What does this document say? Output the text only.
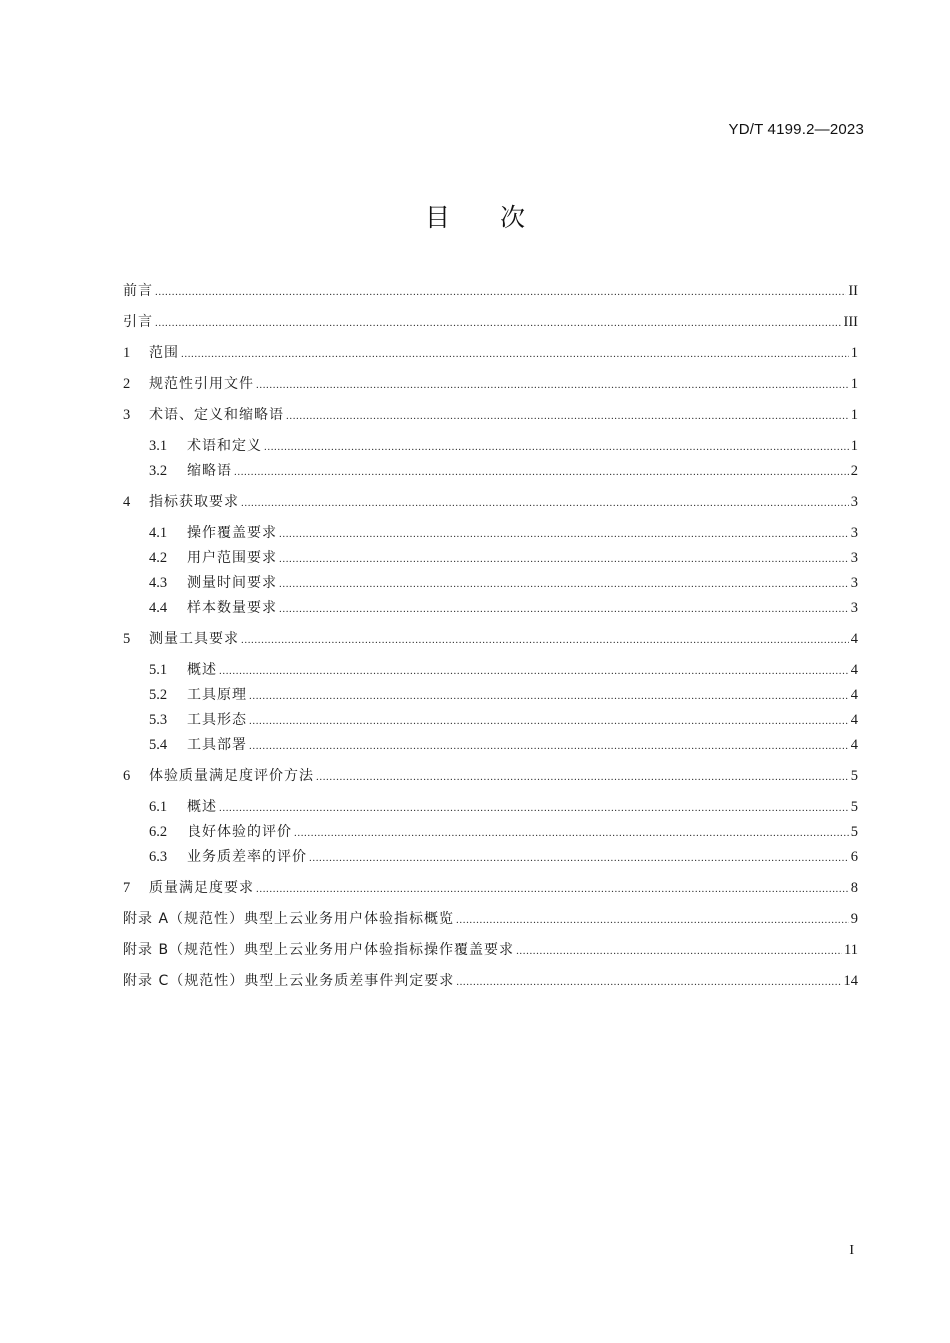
YD/T 4199.2—2023
目次
前言 .....	II
引言 .....	III
1	范围 .....	1
2	规范性引用文件 .....	1
3	术语、定义和缩略语 .....	1
3.1	术语和定义 .....	1
3.2	缩略语 .....	2
4	指标获取要求 .....	3
4.1	操作覆盖要求 .....	3
4.2	用户范围要求 .....	3
4.3	测量时间要求 .....	3
4.4	样本数量要求 .....	3
5	测量工具要求 .....	4
5.1	概述 .....	4
5.2	工具原理 .....	4
5.3	工具形态 .....	4
5.4	工具部署 .....	4
6	体验质量满足度评价方法 .....	5
6.1	概述 .....	5
6.2	良好体验的评价 .....	5
6.3	业务质差率的评价 .....	6
7	质量满足度要求 .....	8
附录 A（规范性）典型上云业务用户体验指标概览 .....	9
附录 B（规范性）典型上云业务用户体验指标操作覆盖要求 .....	11
附录 C（规范性）典型上云业务质差事件判定要求 .....	14
I
